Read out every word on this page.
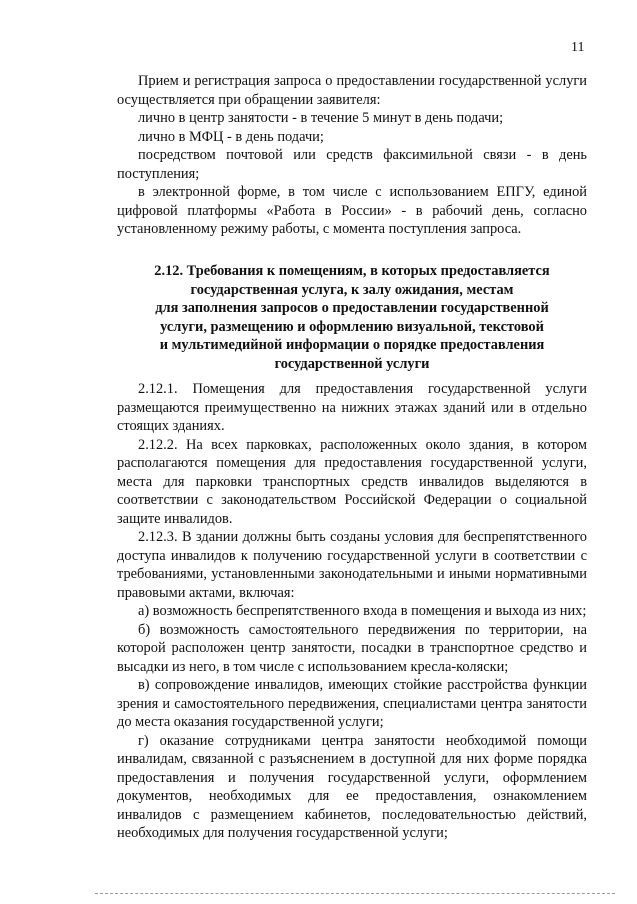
11

Прием и регистрация запроса о предоставлении государственной услуги осуществляется при обращении заявителя:

лично в центр занятости - в течение 5 минут в день подачи;

лично в МФЦ - в день подачи;

посредством почтовой или средств факсимильной связи - в день поступления;

в электронной форме, в том числе с использованием ЕПГУ, единой цифровой платформы «Работа в России» - в рабочий день, согласно установленному режиму работы, с момента поступления запроса.

2.12. Требования к помещениям, в которых предоставляется
государственная услуга, к залу ожидания, местам
для заполнения запросов о предоставлении государственной
услуги, размещению и оформлению визуальной, текстовой
и мультимедийной информации о порядке предоставления
государственной услуги

2.12.1. Помещения для предоставления государственной услуги размещаются преимущественно на нижних этажах зданий или в отдельно стоящих зданиях.

2.12.2. На всех парковках, расположенных около здания, в котором располагаются помещения для предоставления государственной услуги, места для парковки транспортных средств инвалидов выделяются в соответствии с законодательством Российской Федерации о социальной защите инвалидов.

2.12.3. В здании должны быть созданы условия для беспрепятственного доступа инвалидов к получению государственной услуги в соответствии с требованиями, установленными законодательными и иными нормативными правовыми актами, включая:

а) возможность беспрепятственного входа в помещения и выхода из них;

б) возможность самостоятельного передвижения по территории, на которой расположен центр занятости, посадки в транспортное средство и высадки из него, в том числе с использованием кресла-коляски;

в) сопровождение инвалидов, имеющих стойкие расстройства функции зрения и самостоятельного передвижения, специалистами центра занятости до места оказания государственной услуги;

г) оказание сотрудниками центра занятости необходимой помощи инвалидам, связанной с разъяснением в доступной для них форме порядка предоставления и получения государственной услуги, оформлением документов, необходимых для ее предоставления, ознакомлением инвалидов с размещением кабинетов, последовательностью действий, необходимых для получения государственной услуги;
